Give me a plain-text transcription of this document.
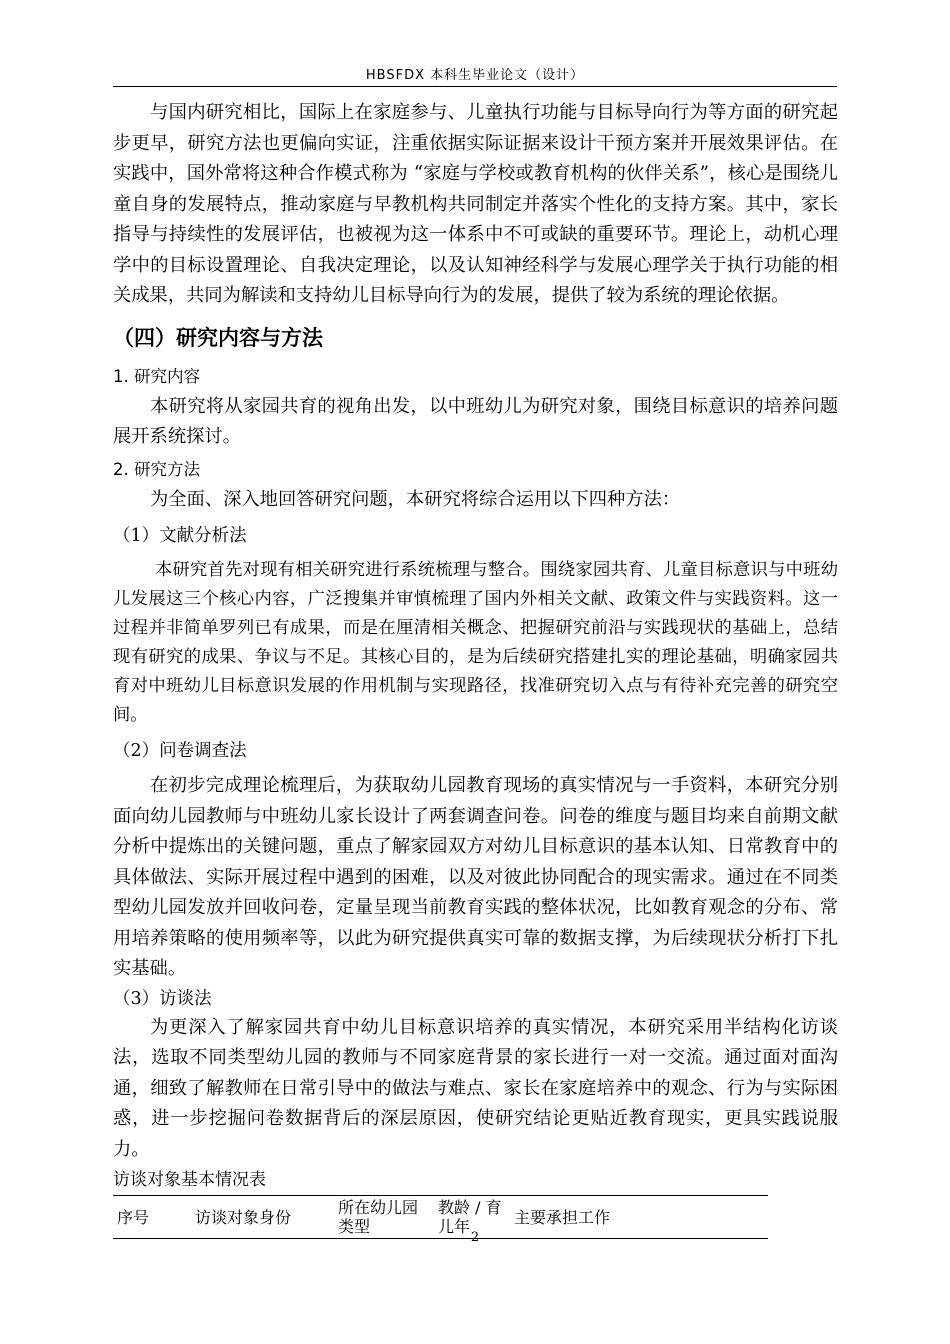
HBSFDX 本科生毕业论文（设计）

与国内研究相比，国际上在家庭参与、儿童执行功能与目标导向行为等方面的研究起步更早，研究方法也更偏向实证，注重依据实际证据来设计干预方案并开展效果评估。在实践中，国外常将这种合作模式称为 “家庭与学校或教育机构的伙伴关系”，核心是围绕儿童自身的发展特点，推动家庭与早教机构共同制定并落实个性化的支持方案。其中，家长指导与持续性的发展评估，也被视为这一体系中不可或缺的重要环节。理论上，动机心理学中的目标设置理论、自我决定理论，以及认知神经科学与发展心理学关于执行功能的相关成果，共同为解读和支持幼儿目标导向行为的发展，提供了较为系统的理论依据。

（四）研究内容与方法
1. 研究内容

本研究将从家园共育的视角出发，以中班幼儿为研究对象，围绕目标意识的培养问题展开系统探讨。

2. 研究方法

为全面、深入地回答研究问题，本研究将综合运用以下四种方法：

（1）文献分析法

本研究首先对现有相关研究进行系统梳理与整合。围绕家园共育、儿童目标意识与中班幼儿发展这三个核心内容，广泛搜集并审慎梳理了国内外相关文献、政策文件与实践资料。这一过程并非简单罗列已有成果，而是在厘清相关概念、把握研究前沿与实践现状的基础上，总结现有研究的成果、争议与不足。其核心目的，是为后续研究搭建扎实的理论基础，明确家园共育对中班幼儿目标意识发展的作用机制与实现路径，找准研究切入点与有待补充完善的研究空间。

（2）问卷调查法

在初步完成理论梳理后，为获取幼儿园教育现场的真实情况与一手资料，本研究分别面向幼儿园教师与中班幼儿家长设计了两套调查问卷。问卷的维度与题目均来自前期文献分析中提炼出的关键问题，重点了解家园双方对幼儿目标意识的基本认知、日常教育中的具体做法、实际开展过程中遇到的困难，以及对彼此协同配合的现实需求。通过在不同类型幼儿园发放并回收问卷，定量呈现当前教育实践的整体状况，比如教育观念的分布、常用培养策略的使用频率等，以此为研究提供真实可靠的数据支撑，为后续现状分析打下扎实基础。

（3）访谈法

为更深入了解家园共育中幼儿目标意识培养的真实情况，本研究采用半结构化访谈法，选取不同类型幼儿园的教师与不同家庭背景的家长进行一对一交流。通过面对面沟通，细致了解教师在日常引导中的做法与难点、家长在家庭培养中的观念、行为与实际困惑，进一步挖掘问卷数据背后的深层原因，使研究结论更贴近教育现实，更具实践说服力。

访谈对象基本情况表
序号	访谈对象身份	所在幼儿园类型	教龄 / 育儿年	主要承担工作
2
